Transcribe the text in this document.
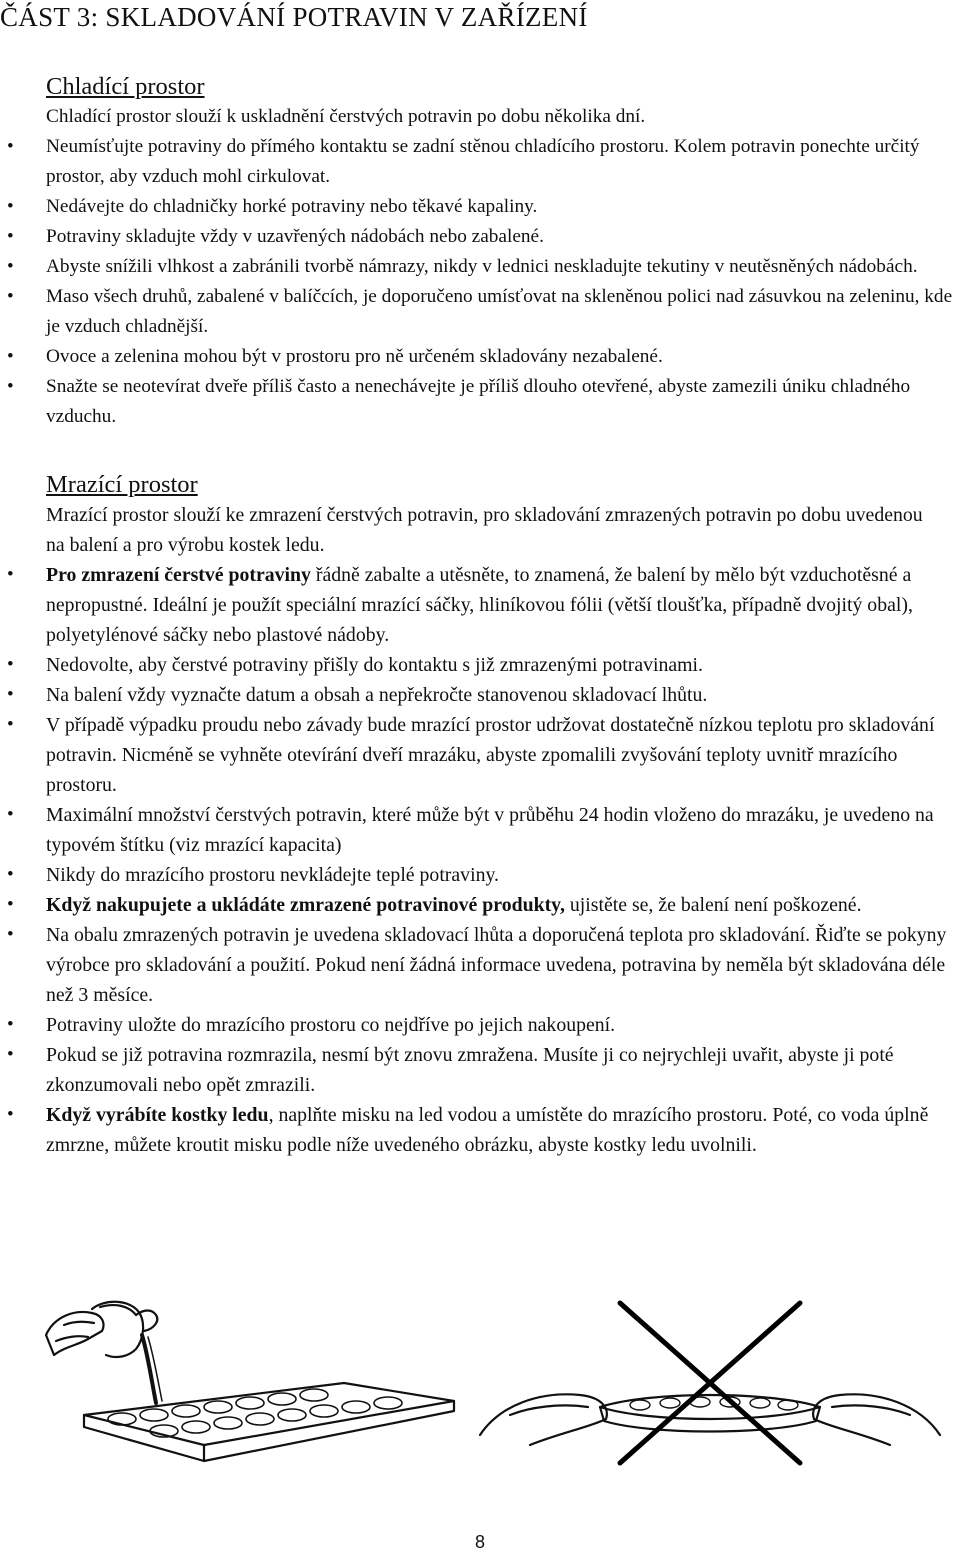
ČÁST 3: SKLADOVÁNÍ POTRAVIN V ZAŘÍZENÍ
Chladící prostor
Chladící prostor slouží k uskladnění čerstvých potravin po dobu několika dní.
• Neumísťujte potraviny do přímého kontaktu se zadní stěnou chladícího prostoru. Kolem potravin ponechte určitý prostor, aby vzduch mohl cirkulovat.
• Nedávejte do chladničky horké potraviny nebo těkavé kapaliny.
• Potraviny skladujte vždy v uzavřených nádobách nebo zabalené.
• Abyste snížili vlhkost a zabránili tvorbě námrazy, nikdy v lednici neskladujte tekutiny v neutěsněných nádobách.
• Maso všech druhů, zabalené v balíčcích, je doporučeno umísťovat na skleněnou polici nad zásuvkou na zeleninu, kde je vzduch chladnější.
• Ovoce a zelenina mohou být v prostoru pro ně určeném skladovány nezabalené.
• Snažte se neotevírat dveře příliš často a nenechávejte je příliš dlouho otevřené, abyste zamezili úniku chladného vzduchu.
Mrazící prostor
Mrazící prostor slouží ke zmrazení čerstvých potravin, pro skladování zmrazených potravin po dobu uvedenou na balení a pro výrobu kostek ledu.
• Pro zmrazení čerstvé potraviny řádně zabalte a utěsněte, to znamená, že balení by mělo být vzduchotěsné a nepropustné. Ideální je použít speciální mrazící sáčky, hliníkovou fólii (větší tloušťka, případně dvojitý obal), polyetylénové sáčky nebo plastové nádoby.
• Nedovolte, aby čerstvé potraviny přišly do kontaktu s již zmrazenými potravinami.
• Na balení vždy vyznačte datum a obsah a nepřekročte stanovenou skladovací lhůtu.
• V případě výpadku proudu nebo závady bude mrazící prostor udržovat dostatečně nízkou teplotu pro skladování potravin. Nicméně se vyhněte otevírání dveří mrazáku, abyste zpomalili zvyšování teploty uvnitř mrazícího prostoru.
• Maximální množství čerstvých potravin, které může být v průběhu 24 hodin vloženo do mrazáku, je uvedeno na typovém štítku (viz mrazící kapacita)
• Nikdy do mrazícího prostoru nevkládejte teplé potraviny.
• Když nakupujete a ukládáte zmrazené potravinové produkty, ujistěte se, že balení není poškozené.
• Na obalu zmrazených potravin je uvedena skladovací lhůta a doporučená teplota pro skladování. Řiďte se pokyny výrobce pro skladování a použití. Pokud není žádná informace uvedena, potravina by neměla být skladována déle než 3 měsíce.
• Potraviny uložte do mrazícího prostoru co nejdříve po jejich nakoupení.
• Pokud se již potravina rozmrazila, nesmí být znovu zmražena. Musíte ji co nejrychleji uvařit, abyste ji poté zkonzumovali nebo opět zmrazili.
• Když vyrábíte kostky ledu, naplňte misku na led vodou a umístěte do mrazícího prostoru. Poté, co voda úplně zmrzne, můžete kroutit misku podle níže uvedeného obrázku, abyste kostky ledu uvolnili.
8
